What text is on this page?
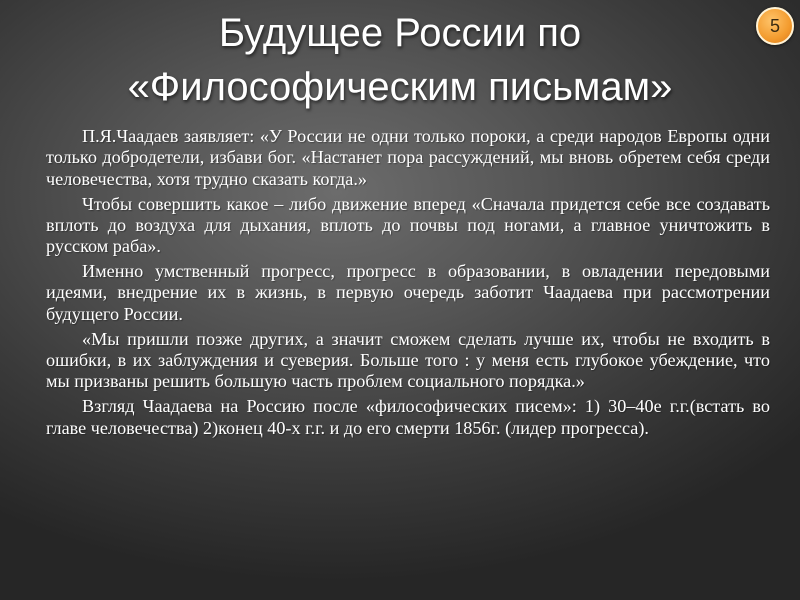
Будущее России по
«Философическим письмам»
5

П.Я.Чаадаев заявляет: «У России не одни только пороки, а среди народов Европы одни только добродетели, избави бог. «Настанет пора рассуждений, мы вновь обретем себя среди человечества, хотя трудно сказать когда.»

Чтобы совершить какое – либо движение вперед «Сначала придется себе все создавать вплоть до воздуха для дыхания, вплоть до почвы под ногами, а главное уничтожить в русском раба».

Именно умственный прогресс, прогресс в образовании, в овладении передовыми идеями, внедрение их в жизнь, в первую очередь заботит Чаадаева при рассмотрении будущего России.

«Мы пришли позже других, а значит сможем сделать лучше их, чтобы не входить в ошибки, в их заблуждения и суеверия. Больше того : у меня есть глубокое убеждение, что мы призваны решить большую часть проблем социального порядка.»

Взгляд Чаадаева на Россию после «философических писем»: 1) 30–40е г.г.(встать во главе человечества) 2)конец 40-х г.г. и до его смерти 1856г. (лидер прогресса).
